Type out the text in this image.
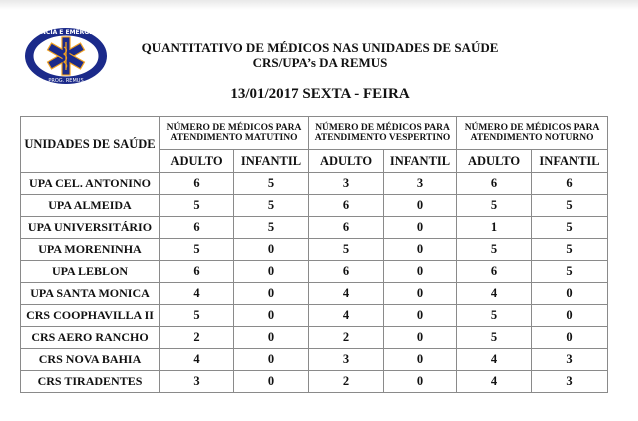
URGÊNCIA E EMERGÊNCIA
PROG. REMUS
QUANTITATIVO DE MÉDICOS NAS UNIDADES DE SAÚDE
CRS/UPA’s DA REMUS
13/01/2017 SEXTA - FEIRA
UNIDADES DE SAÚDE	NÚMERO DE MÉDICOS PARA ATENDIMENTO MATUTINO		NÚMERO DE MÉDICOS PARA ATENDIMENTO VESPERTINO		NÚMERO DE MÉDICOS PARA ATENDIMENTO NOTURNO	
	ADULTO	INFANTIL	ADULTO	INFANTIL	ADULTO	INFANTIL
UPA CEL. ANTONINO	6	5	3	3	6	6
UPA ALMEIDA	5	5	6	0	5	5
UPA UNIVERSITÁRIO	6	5	6	0	1	5
UPA MORENINHA	5	0	5	0	5	5
UPA LEBLON	6	0	6	0	6	5
UPA SANTA MONICA	4	0	4	0	4	0
CRS COOPHAVILLA II	5	0	4	0	5	0
CRS AERO RANCHO	2	0	2	0	5	0
CRS NOVA BAHIA	4	0	3	0	4	3
CRS TIRADENTES	3	0	2	0	4	3
